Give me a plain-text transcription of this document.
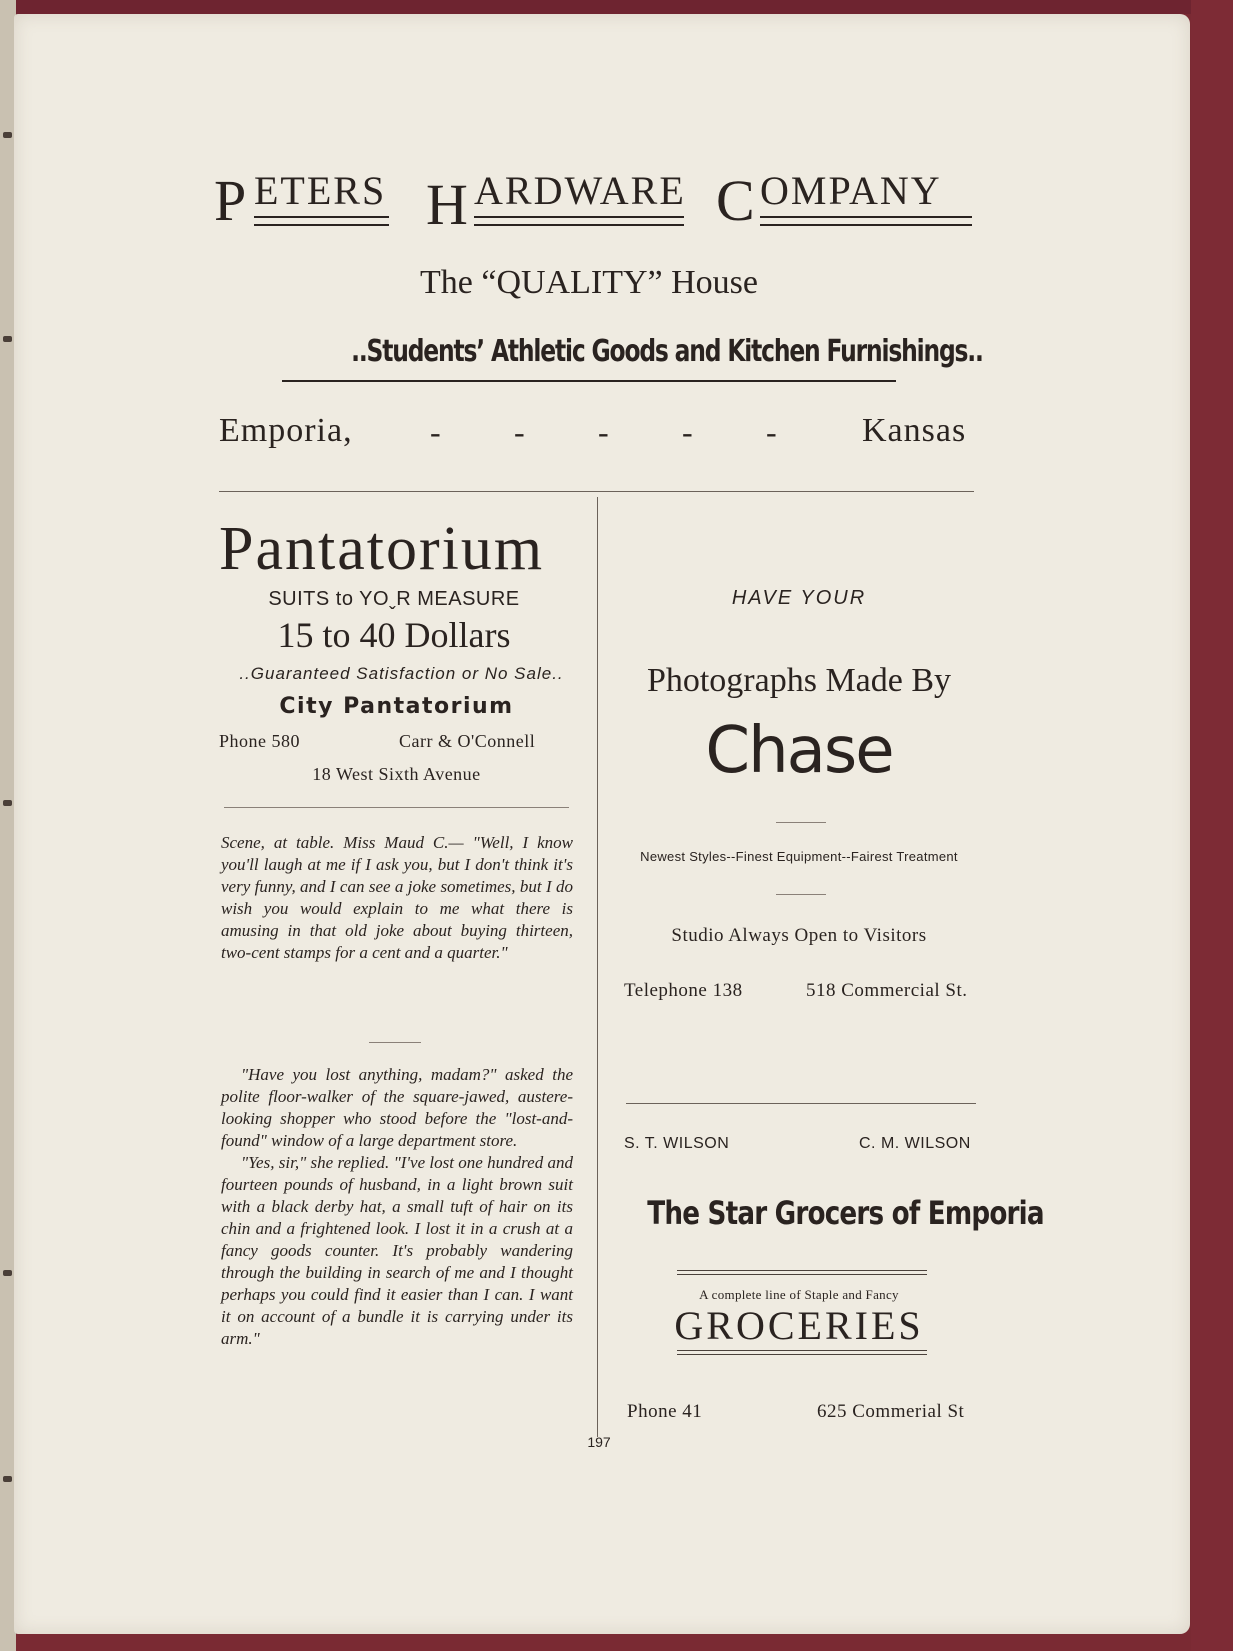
P ETERS H ARDWARE C OMPANY
The “QUALITY” House
..Students’ Athletic Goods and Kitchen Furnishings..
Emporia, - - - - -	Kansas
Pantatorium
SUITS to YOˬR MEASURE
15 to 40 Dollars
..Guaranteed Satisfaction or No Sale..
City Pantatorium
Phone 580	Carr & O'Connell
18 West Sixth Avenue
Scene, at table. Miss Maud C.— "Well, I know you'll laugh at me if I ask you, but I don't think it's very funny, and I can see a joke sometimes, but I do wish you would explain to me what there is amusing in that old joke about buying thirteen, two-cent stamps for a cent and a quarter."
"Have you lost anything, madam?" asked the polite floor-walker of the square-jawed, austere-looking shopper who stood before the "lost-and-found" window of a large department store.
"Yes, sir," she replied. "I've lost one hundred and fourteen pounds of husband, in a light brown suit with a black derby hat, a small tuft of hair on its chin and a frightened look. I lost it in a crush at a fancy goods counter. It's probably wandering through the building in search of me and I thought perhaps you could find it easier than I can. I want it on account of a bundle it is carrying under its arm."
HAVE YOUR
Photographs Made By
Chase
Newest Styles--Finest Equipment--Fairest Treatment
Studio Always Open to Visitors
Telephone 138	518 Commercial St.
S. T. WILSON	C. M. WILSON
The Star Grocers of Emporia
A complete line of Staple and Fancy
GROCERIES
Phone 41	625 Commerial St
197
